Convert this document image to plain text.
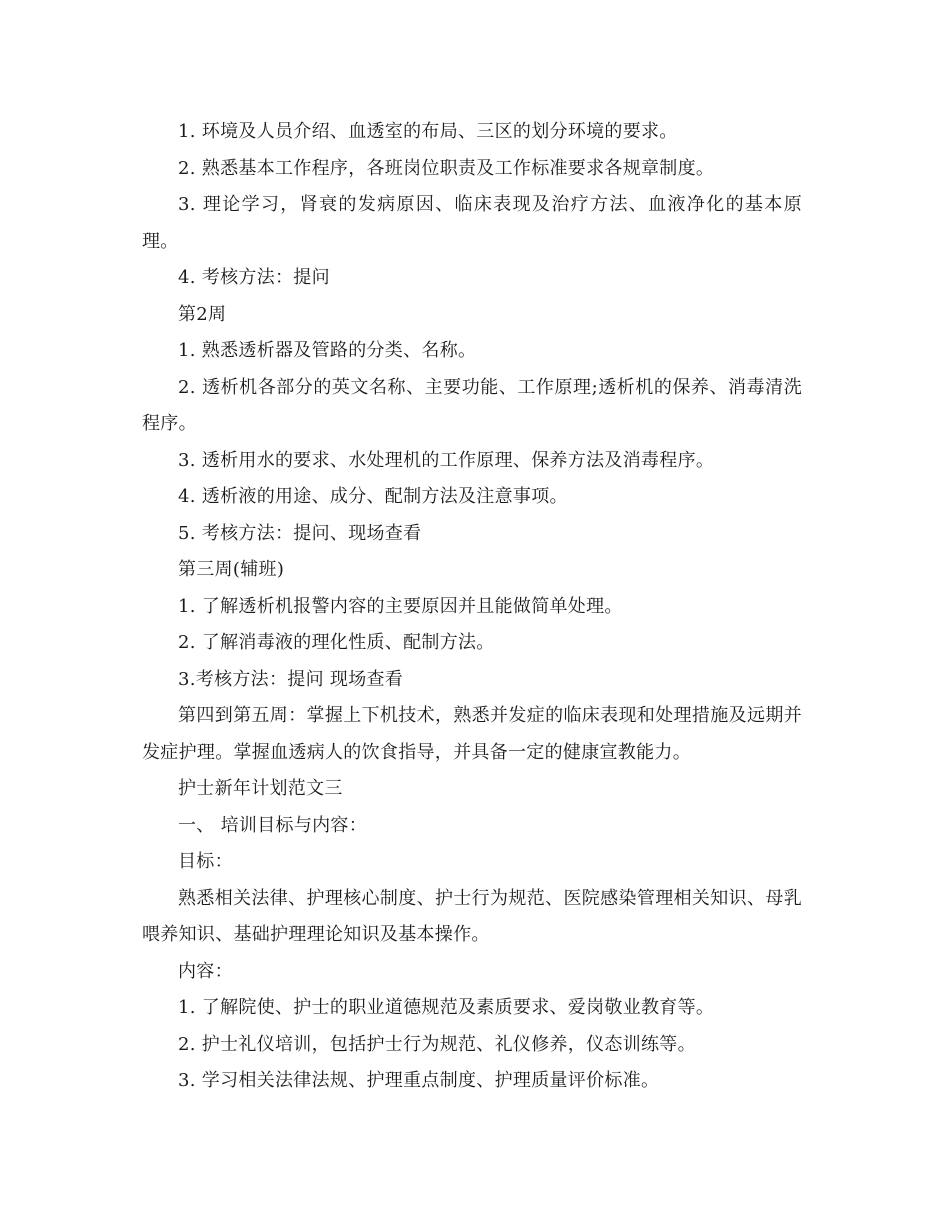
1. 环境及人员介绍、血透室的布局、三区的划分环境的要求。

2. 熟悉基本工作程序，各班岗位职责及工作标准要求各规章制度。

3. 理论学习，肾衰的发病原因、临床表现及治疗方法、血液净化的基本原理。

4. 考核方法：提问

第2周

1. 熟悉透析器及管路的分类、名称。

2. 透析机各部分的英文名称、主要功能、工作原理;透析机的保养、消毒清洗程序。

3. 透析用水的要求、水处理机的工作原理、保养方法及消毒程序。

4. 透析液的用途、成分、配制方法及注意事项。

5. 考核方法：提问、现场查看

第三周(辅班)

1. 了解透析机报警内容的主要原因并且能做简单处理。

2. 了解消毒液的理化性质、配制方法。

3.考核方法：提问 现场查看

第四到第五周：掌握上下机技术，熟悉并发症的临床表现和处理措施及远期并发症护理。掌握血透病人的饮食指导，并具备一定的健康宣教能力。

护士新年计划范文三

一、 培训目标与内容：

目标：

熟悉相关法律、护理核心制度、护士行为规范、医院感染管理相关知识、母乳喂养知识、基础护理理论知识及基本操作。

内容：

1. 了解院使、护士的职业道德规范及素质要求、爱岗敬业教育等。

2. 护士礼仪培训，包括护士行为规范、礼仪修养，仪态训练等。

3. 学习相关法律法规、护理重点制度、护理质量评价标准。
